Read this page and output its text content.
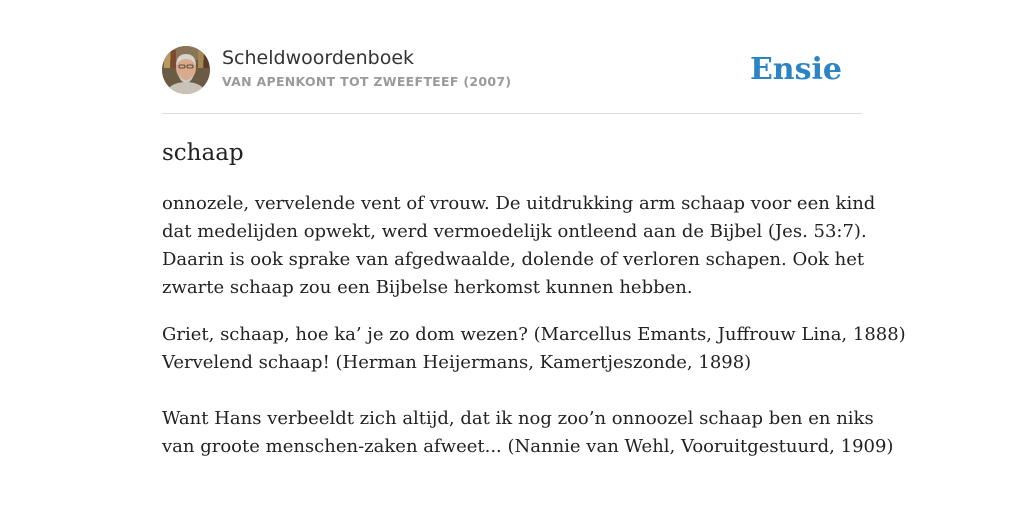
Scheldwoordenboek
VAN APENKONT TOT ZWEEFTEEF (2007)	Ensie
schaap
onnozele, vervelende vent of vrouw. De uitdrukking arm schaap voor een kind
dat medelijden opwekt, werd vermoedelijk ontleend aan de Bijbel (Jes. 53:7).
Daarin is ook sprake van afgedwaalde, dolende of verloren schapen. Ook het
zwarte schaap zou een Bijbelse herkomst kunnen hebben.
Griet, schaap, hoe ka’ je zo dom wezen? (Marcellus Emants, Juffrouw Lina, 1888)
Vervelend schaap! (Herman Heijermans, Kamertjeszonde, 1898)
Want Hans verbeeldt zich altijd, dat ik nog zoo’n onnoozel schaap ben en niks
van groote menschen-zaken afweet... (Nannie van Wehl, Vooruitgestuurd, 1909)
